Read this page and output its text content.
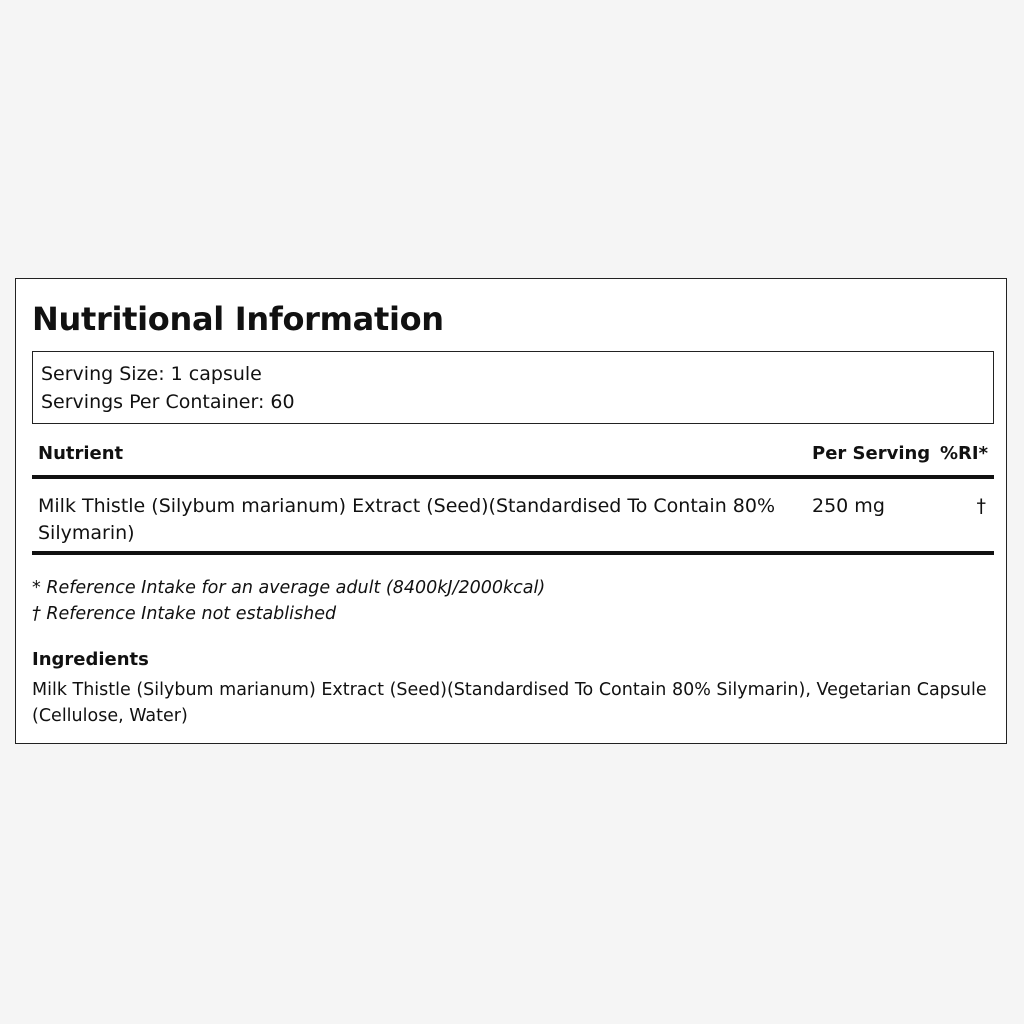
Nutritional Information
Serving Size: 1 capsule
Servings Per Container: 60
Nutrient	Per Serving %RI*
Milk Thistle (Silybum marianum) Extract (Seed)(Standardised To Contain 80% Silymarin)
250 mg	†
* Reference Intake for an average adult (8400kJ/2000kcal)
† Reference Intake not established
Ingredients
Milk Thistle (Silybum marianum) Extract (Seed)(Standardised To Contain 80% Silymarin), Vegetarian Capsule (Cellulose, Water)
